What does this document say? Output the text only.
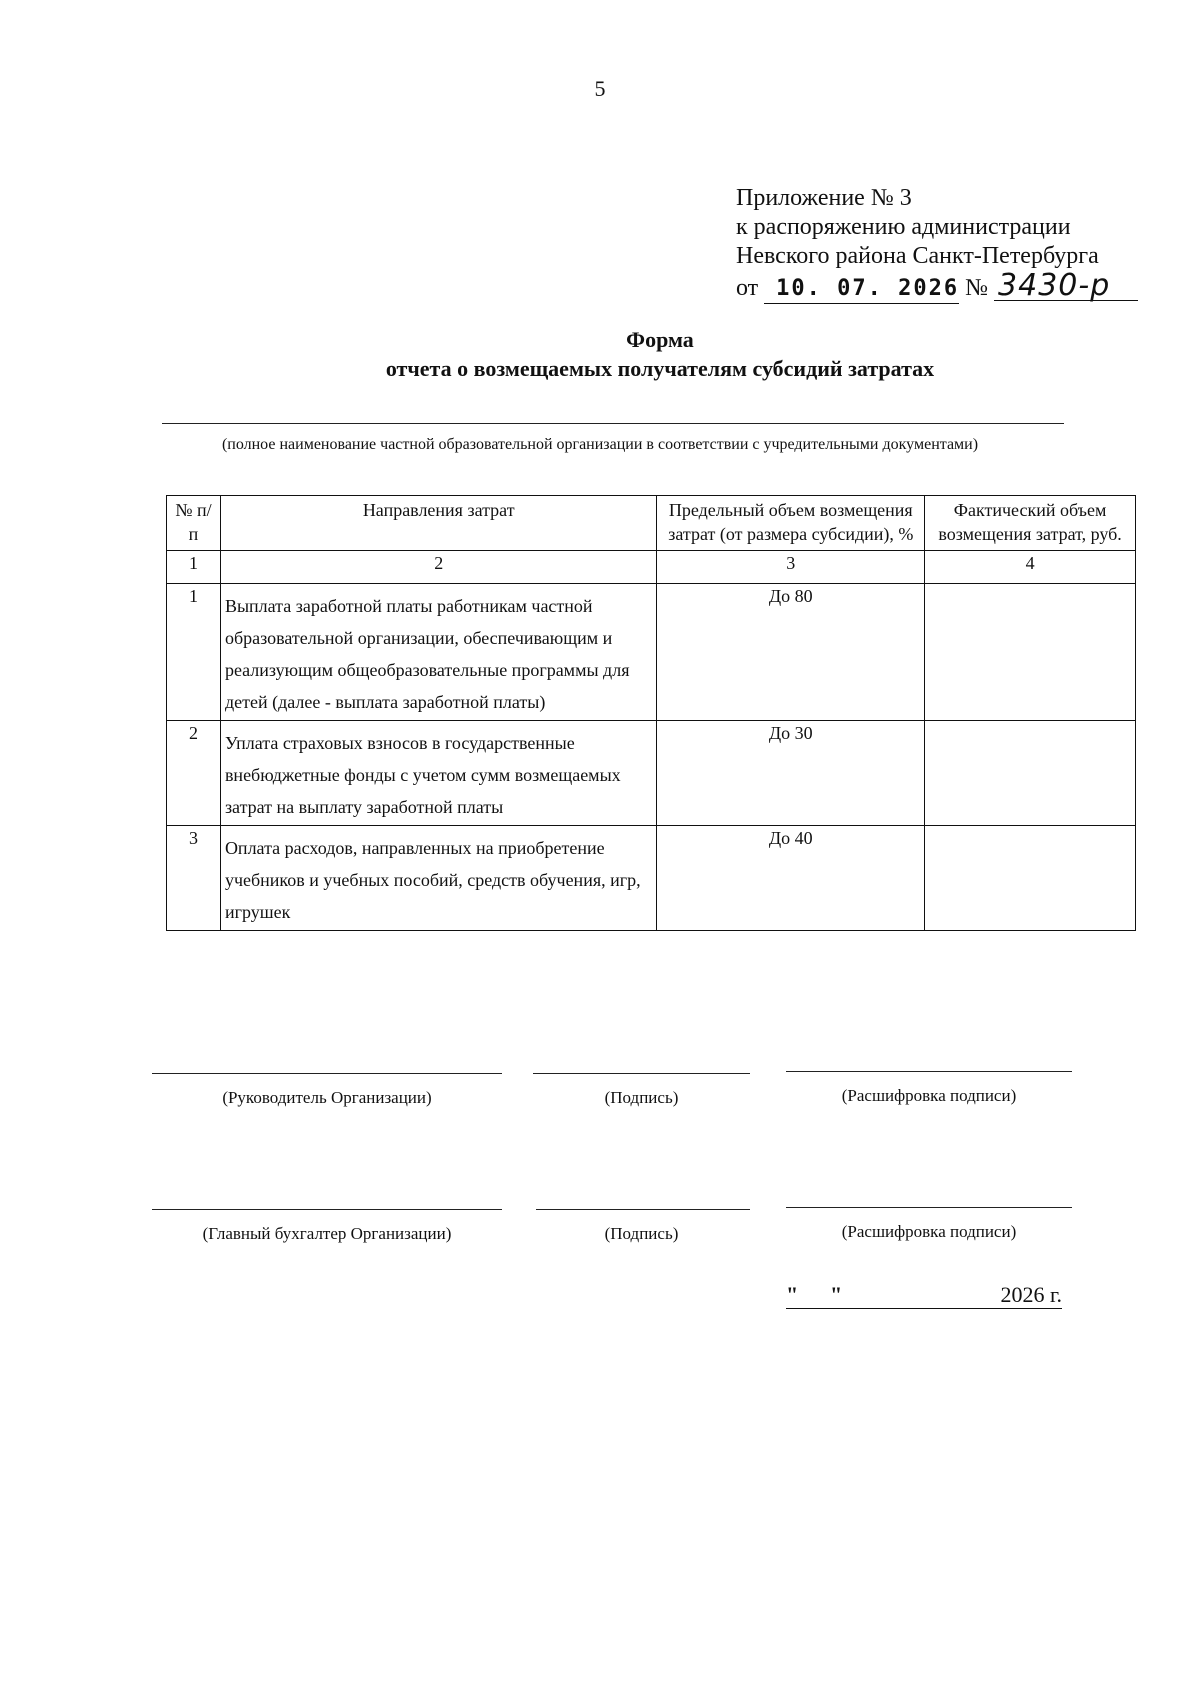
5
Приложение № 3
к распоряжению администрации
Невского района Санкт-Петербурга
от 10. 07. 2026 № 3430-р
Форма
отчета о возмещаемых получателям субсидий затратах
(полное наименование частной образовательной организации в соответствии с учредительными документами)
№ п/п	Направления затрат	Предельный объем возмещения затрат (от размера субсидии), %	Фактический объем возмещения затрат, руб.
1	2	3	4
1	Выплата заработной платы работникам частной образовательной организации, обеспечивающим и реализующим общеобразовательные программы для детей (далее - выплата заработной платы)	До 80	
2	Уплата страховых взносов в государственные внебюджетные фонды с учетом сумм возмещаемых затрат на выплату заработной платы	До 30	
3	Оплата расходов, направленных на приобретение учебников и учебных пособий, средств обучения, игр, игрушек	До 40	
(Руководитель Организации)	(Подпись)	(Расшифровка подписи)
(Главный бухгалтер Организации)	(Подпись)	(Расшифровка подписи)
" "	2026 г.
